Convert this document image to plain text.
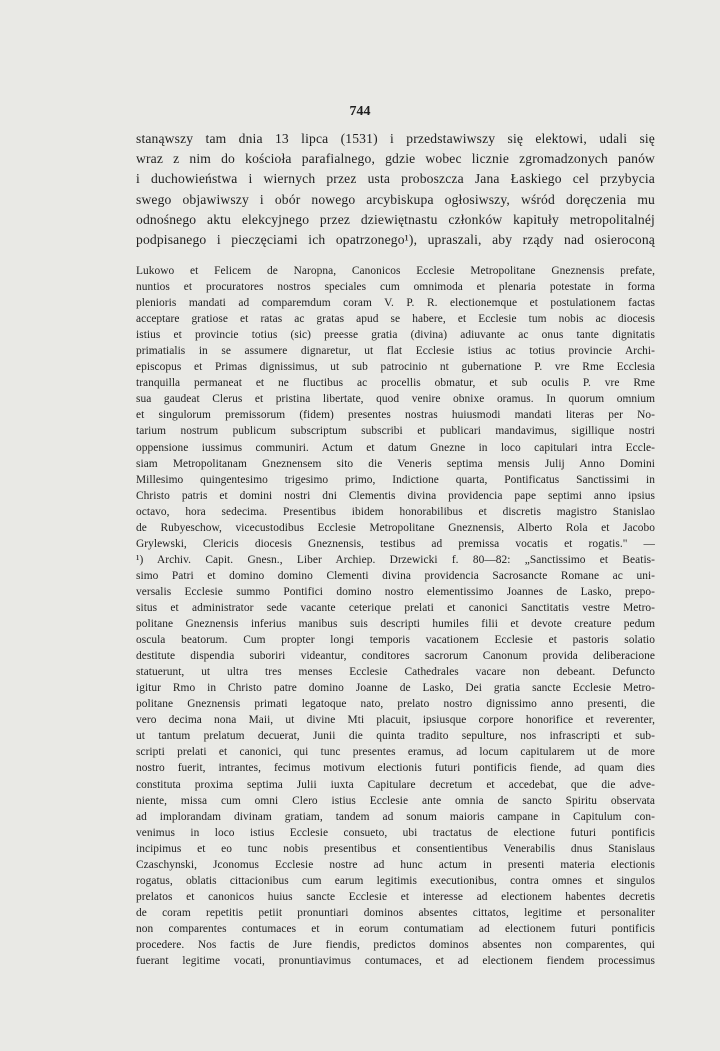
744
stanąwszy tam dnia 13 lipca (1531) i przedstawiwszy się elektowi, udali się
wraz z nim do kościoła parafialnego, gdzie wobec licznie zgromadzonych panów
i duchowieństwa i wiernych przez usta proboszcza Jana Łaskiego cel przybycia
swego objawiwszy i obór nowego arcybiskupa ogłosiwszy, wśród doręczenia mu
odnośnego aktu elekcyjnego przez dziewiętnastu członków kapituły metropolitalnéj
podpisanego i pieczęciami ich opatrzonego¹), upraszali, aby rządy nad osieroconą
Lukowo et Felicem de Naropna, Canonicos Ecclesie Metropolitane Gneznensis prefate,
nuntios et procuratores nostros speciales cum omnimoda et plenaria potestate in forma
plenioris mandati ad comparemdum coram V. P. R. electionemque et postulationem factas
acceptare gratiose et ratas ac gratas apud se habere, et Ecclesie tum nobis ac diocesis
istius et provincie totius (sic) preesse gratia (divina) adiuvante ac onus tante dignitatis
primatialis in se assumere dignaretur, ut flat Ecclesie istius ac totius provincie Archi-
episcopus et Primas dignissimus, ut sub patrocinio nt gubernatione P. vre Rme Ecclesia
tranquilla permaneat et ne fluctibus ac procellis obmatur, et sub oculis P. vre Rme
sua gaudeat Clerus et pristina libertate, quod venire obnixe oramus. In quorum omnium
et singulorum premissorum (fidem) presentes nostras huiusmodi mandati literas per No-
tarium nostrum publicum subscriptum subscribi et publicari mandavimus, sigillique nostri
oppensione iussimus communiri. Actum et datum Gnezne in loco capitulari intra Eccle-
siam Metropolitanam Gneznensem sito die Veneris septima mensis Julij Anno Domini
Millesimo quingentesimo trigesimo primo, Indictione quarta, Pontificatus Sanctissimi in
Christo patris et domini nostri dni Clementis divina providencia pape septimi anno ipsius
octavo, hora sedecima. Presentibus ibidem honorabilibus et discretis magistro Stanislao
de Rubyeschow, vicecustodibus Ecclesie Metropolitane Gneznensis, Alberto Rola et Jacobo
Grylewski, Clericis diocesis Gneznensis, testibus ad premissa vocatis et rogatis." —
¹) Archiv. Capit. Gnesn., Liber Archiep. Drzewicki f. 80—82: „Sanctissimo et Beatis-
simo Patri et domino domino Clementi divina providencia Sacrosancte Romane ac uni-
versalis Ecclesie summo Pontifici domino nostro elementissimo Joannes de Lasko, prepo-
situs et administrator sede vacante ceterique prelati et canonici Sanctitatis vestre Metro-
politane Gneznensis inferius manibus suis descripti humiles filii et devote creature pedum
oscula beatorum. Cum propter longi temporis vacationem Ecclesie et pastoris solatio
destitute dispendia suboriri videantur, conditores sacrorum Canonum provida deliberacione
statuerunt, ut ultra tres menses Ecclesie Cathedrales vacare non debeant. Defuncto
igitur Rmo in Christo patre domino Joanne de Lasko, Dei gratia sancte Ecclesie Metro-
politane Gneznensis primati legatoque nato, prelato nostro dignissimo anno presenti, die
vero decima nona Maii, ut divine Mti placuit, ipsiusque corpore honorifice et reverenter,
ut tantum prelatum decuerat, Junii die quinta tradito sepulture, nos infrascripti et sub-
scripti prelati et canonici, qui tunc presentes eramus, ad locum capitularem ut de more
nostro fuerit, intrantes, fecimus motivum electionis futuri pontificis fiende, ad quam dies
constituta proxima septima Julii iuxta Capitulare decretum et accedebat, que die adve-
niente, missa cum omni Clero istius Ecclesie ante omnia de sancto Spiritu observata
ad implorandam divinam gratiam, tandem ad sonum maioris campane in Capitulum con-
venimus in loco istius Ecclesie consueto, ubi tractatus de electione futuri pontificis
incipimus et eo tunc nobis presentibus et consentientibus Venerabilis dnus Stanislaus
Czaschynski, Jconomus Ecclesie nostre ad hunc actum in presenti materia electionis
rogatus, oblatis cittacionibus cum earum legitimis executionibus, contra omnes et singulos
prelatos et canonicos huius sancte Ecclesie et interesse ad electionem habentes decretis
de coram repetitis petiit pronuntiari dominos absentes cittatos, legitime et personaliter
non comparentes contumaces et in eorum contumatiam ad electionem futuri pontificis
procedere. Nos factis de Jure fiendis, predictos dominos absentes non comparentes, qui
fuerant legitime vocati, pronuntiavimus contumaces, et ad electionem fiendem processimus
